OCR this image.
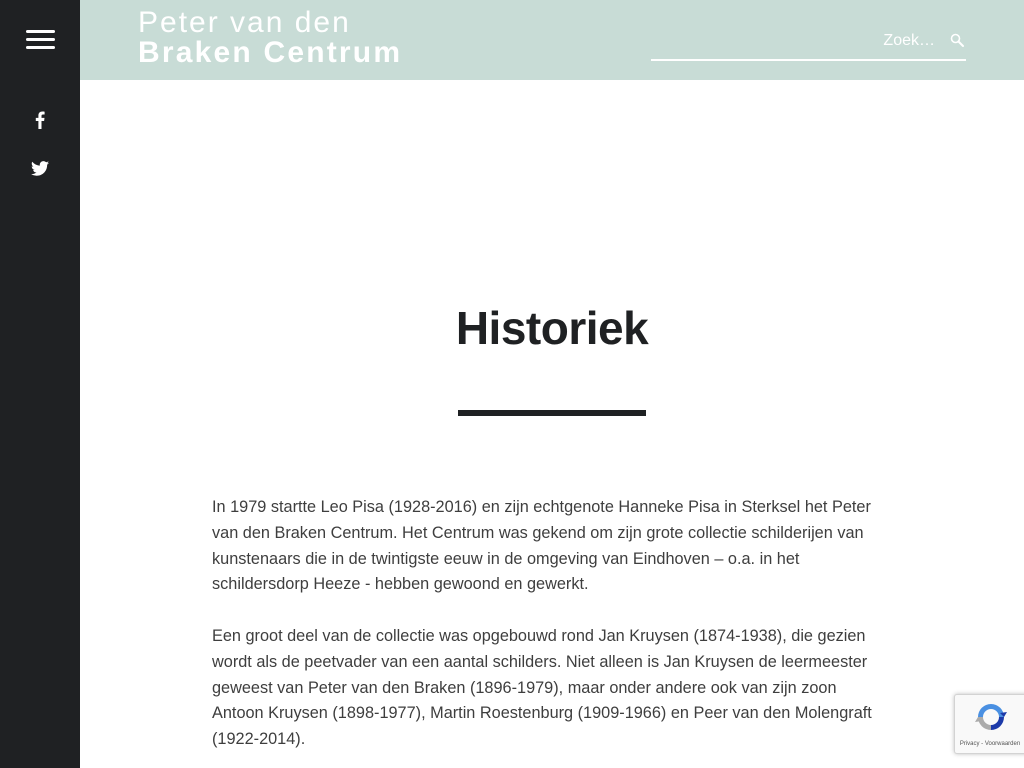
Peter van den
Braken Centrum
Zoek…
Historiek

In 1979 startte Leo Pisa (1928-2016) en zijn echtgenote Hanneke Pisa in Sterksel het Peter van den Braken Centrum. Het Centrum was gekend om zijn grote collectie schilderijen van kunstenaars die in de twintigste eeuw in de omgeving van Eindhoven – o.a. in het schildersdorp Heeze - hebben gewoond en gewerkt.

Een groot deel van de collectie was opgebouwd rond Jan Kruysen (1874-1938), die gezien wordt als de peetvader van een aantal schilders. Niet alleen is Jan Kruysen de leermeester geweest van Peter van den Braken (1896-1979), maar onder andere ook van zijn zoon Antoon Kruysen (1898-1977), Martin Roestenburg (1909-1966) en Peer van den Molengraft (1922-2014).	Privacy - Voorwaarden
